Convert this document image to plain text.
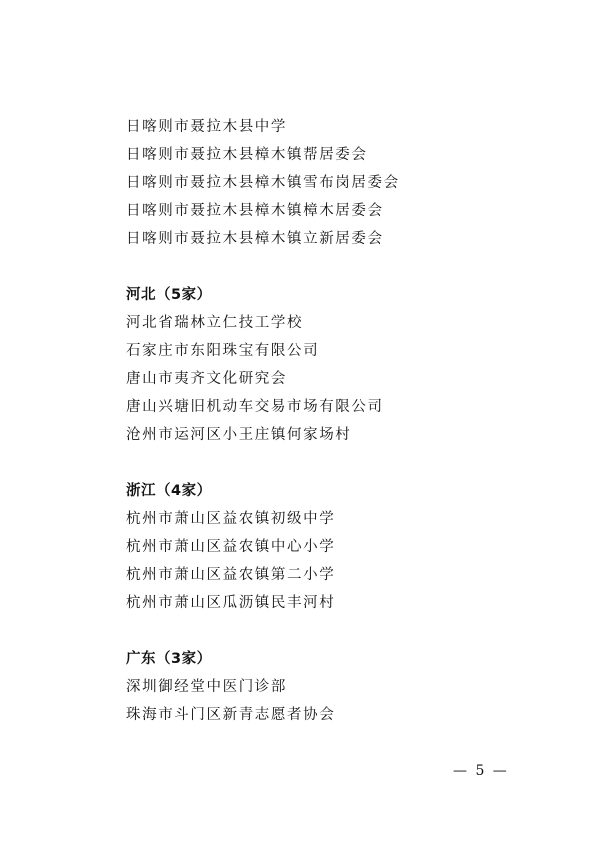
日喀则市聂拉木县中学
日喀则市聂拉木县樟木镇帮居委会
日喀则市聂拉木县樟木镇雪布岗居委会
日喀则市聂拉木县樟木镇樟木居委会
日喀则市聂拉木县樟木镇立新居委会
河北（5家）
河北省瑞林立仁技工学校
石家庄市东阳珠宝有限公司
唐山市夷齐文化研究会
唐山兴塘旧机动车交易市场有限公司
沧州市运河区小王庄镇何家场村
浙江（4家）
杭州市萧山区益农镇初级中学
杭州市萧山区益农镇中心小学
杭州市萧山区益农镇第二小学
杭州市萧山区瓜沥镇民丰河村
广东（3家）
深圳御经堂中医门诊部
珠海市斗门区新青志愿者协会
— 5 —
